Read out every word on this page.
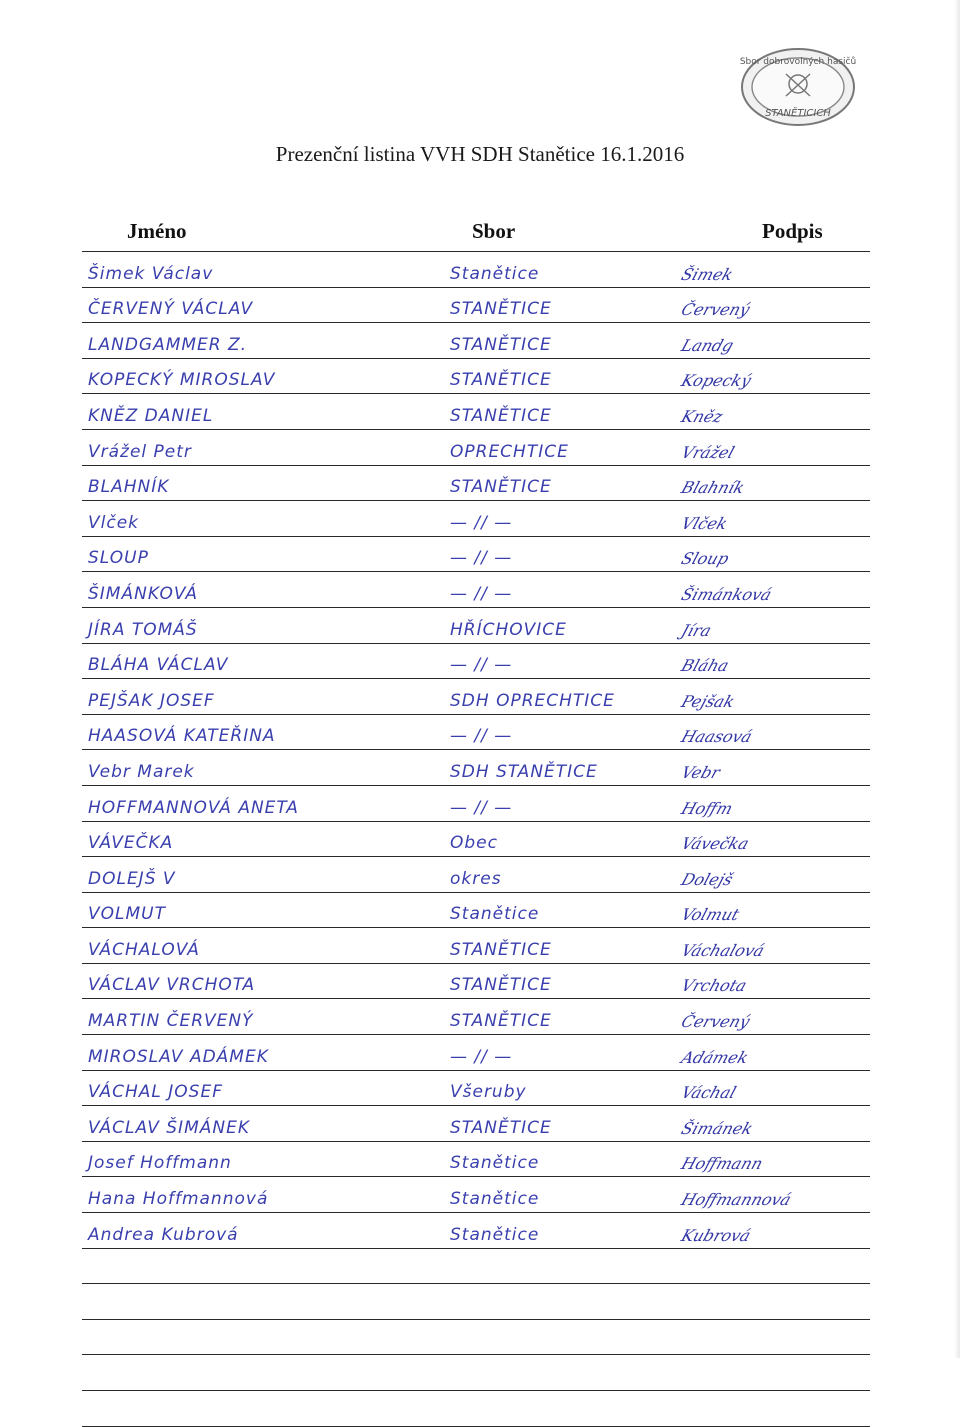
Sbor dobrovolných hasičů
STANĚTICICH
Prezenční listina VVH SDH Stanětice 16.1.2016
Jméno	Sbor	Podpis
Šimek Václav	Stanětice	Šimek
ČERVENÝ VÁCLAV	STANĚTICE	Červený
LANDGAMMER Z.	STANĚTICE	Landg
KOPECKÝ MIROSLAV	STANĚTICE	Kopecký
KNĚZ DANIEL	STANĚTICE	Kněz
Vrážel Petr	OPRECHTICE	Vrážel
BLAHNÍK	STANĚTICE	Blahník
Vlček	— // —	Vlček
SLOUP	— // —	Sloup
ŠIMÁNKOVÁ	— // —	Šimánková
JÍRA TOMÁŠ	HŘÍCHOVICE	Jíra
BLÁHA VÁCLAV	— // —	Bláha
PEJŠAK JOSEF	SDH OPRECHTICE	Pejšak
HAASOVÁ KATEŘINA	— // —	Haasová
Vebr Marek	SDH STANĚTICE	Vebr
HOFFMANNOVÁ ANETA	— // —	Hoffm
VÁVEČKA	Obec	Vávečka
DOLEJŠ V	okres	Dolejš
VOLMUT	Stanětice	Volmut
VÁCHALOVÁ	STANĚTICE	Váchalová
VÁCLAV VRCHOTA	STANĚTICE	Vrchota
MARTIN ČERVENÝ	STANĚTICE	Červený
MIROSLAV ADÁMEK	— // —	Adámek
VÁCHAL JOSEF	Všeruby	Váchal
VÁCLAV ŠIMÁNEK	STANĚTICE	Šimánek
Josef Hoffmann	Stanětice	Hoffmann
Hana Hoffmannová	Stanětice	Hoffmannová
Andrea Kubrová	Stanětice	Kubrová
